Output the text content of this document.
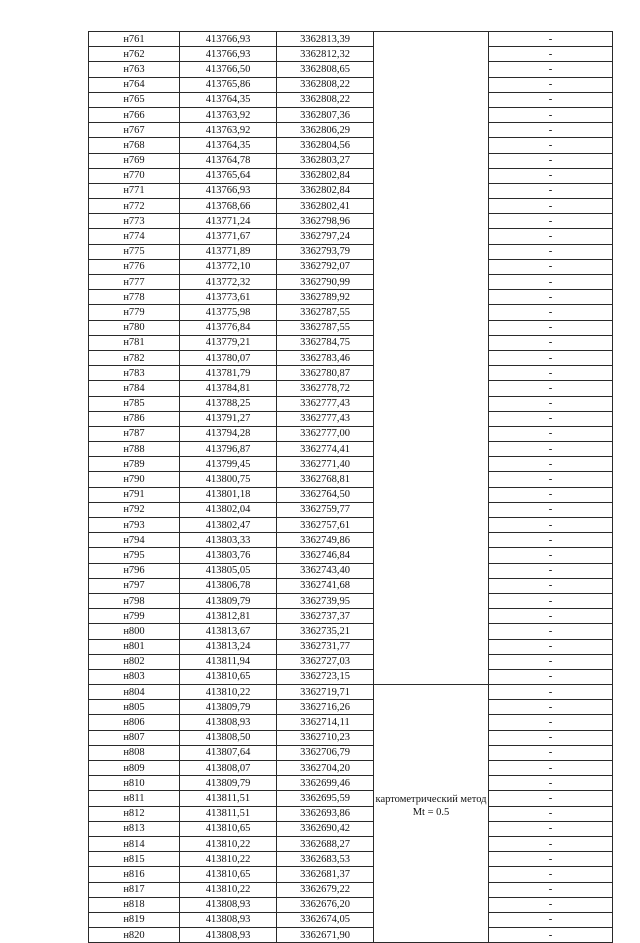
н761	413766,93	3362813,39		-
н762	413766,93	3362812,32		-
н763	413766,50	3362808,65		-
н764	413765,86	3362808,22		-
н765	413764,35	3362808,22		-
н766	413763,92	3362807,36		-
н767	413763,92	3362806,29		-
н768	413764,35	3362804,56		-
н769	413764,78	3362803,27		-
н770	413765,64	3362802,84		-
н771	413766,93	3362802,84		-
н772	413768,66	3362802,41		-
н773	413771,24	3362798,96		-
н774	413771,67	3362797,24		-
н775	413771,89	3362793,79		-
н776	413772,10	3362792,07		-
н777	413772,32	3362790,99		-
н778	413773,61	3362789,92		-
н779	413775,98	3362787,55		-
н780	413776,84	3362787,55		-
н781	413779,21	3362784,75		-
н782	413780,07	3362783,46		-
н783	413781,79	3362780,87		-
н784	413784,81	3362778,72		-
н785	413788,25	3362777,43		-
н786	413791,27	3362777,43		-
н787	413794,28	3362777,00		-
н788	413796,87	3362774,41		-
н789	413799,45	3362771,40		-
н790	413800,75	3362768,81		-
н791	413801,18	3362764,50		-
н792	413802,04	3362759,77		-
н793	413802,47	3362757,61		-
н794	413803,33	3362749,86		-
н795	413803,76	3362746,84		-
н796	413805,05	3362743,40		-
н797	413806,78	3362741,68		-
н798	413809,79	3362739,95		-
н799	413812,81	3362737,37		-
н800	413813,67	3362735,21		-
н801	413813,24	3362731,77		-
н802	413811,94	3362727,03		-
н803	413810,65	3362723,15		-
н804	413810,22	3362719,71		-
н805	413809,79	3362716,26		-
н806	413808,93	3362714,11		-
н807	413808,50	3362710,23		-
н808	413807,64	3362706,79		-
н809	413808,07	3362704,20		-
н810	413809,79	3362699,46		-
н811	413811,51	3362695,59		-
н812	413811,51	3362693,86	картометрический метод Mt = 0.5	-
н813	413810,65	3362690,42		-
н814	413810,22	3362688,27		-
н815	413810,22	3362683,53		-
н816	413810,65	3362681,37		-
н817	413810,22	3362679,22		-
н818	413808,93	3362676,20		-
н819	413808,93	3362674,05		-
н820	413808,93	3362671,90		-
